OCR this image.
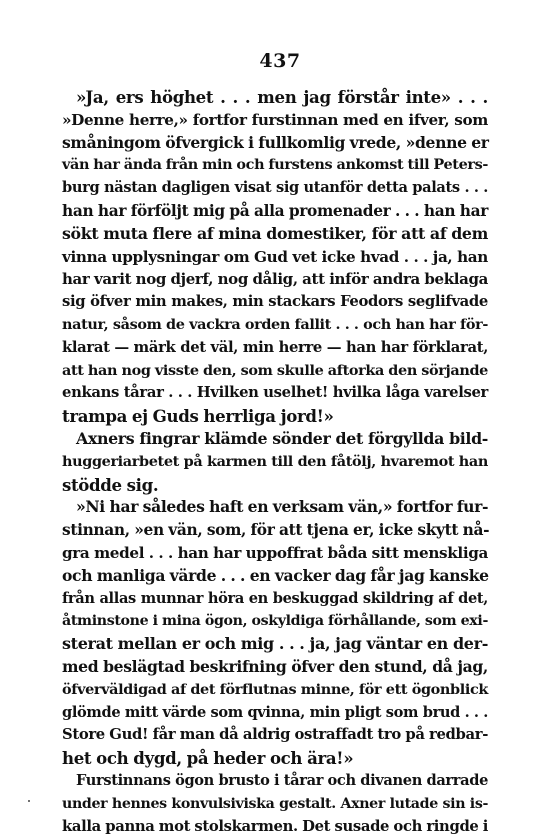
437
»Ja, ers höghet . . . men jag förstår inte» . . .
»Denne herre,» fortfor furstinnan med en ifver, som
småningom öfvergick i fullkomlig vrede, »denne er
vän har ända från min och furstens ankomst till Peters-
burg nästan dagligen visat sig utanför detta palats . . .
han har förföljt mig på alla promenader . . . han har
sökt muta flere af mina domestiker, för att af dem
vinna upplysningar om Gud vet icke hvad . . . ja, han
har varit nog djerf, nog dålig, att inför andra beklaga
sig öfver min makes, min stackars Feodors seglifvade
natur, såsom de vackra orden fallit . . . och han har för-
klarat — märk det väl, min herre — han har förklarat,
att han nog visste den, som skulle aftorka den sörjande
enkans tårar . . . Hvilken uselhet! hvilka låga varelser
trampa ej Guds herrliga jord!»
Axners fingrar klämde sönder det förgyllda bild-
huggeriarbetet på karmen till den fåtölj, hvaremot han
stödde sig.
»Ni har således haft en verksam vän,» fortfor fur-
stinnan, »en vän, som, för att tjena er, icke skytt nå-
gra medel . . . han har uppoffrat båda sitt menskliga
och manliga värde . . . en vacker dag får jag kanske
från allas munnar höra en beskuggad skildring af det,
åtminstone i mina ögon, oskyldiga förhållande, som exi-
sterat mellan er och mig . . . ja, jag väntar en der-
med beslägtad beskrifning öfver den stund, då jag,
öfverväldigad af det förflutnas minne, för ett ögonblick
glömde mitt värde som qvinna, min pligt som brud . . .
Store Gud! får man då aldrig ostraffadt tro på redbar-
het och dygd, på heder och ära!»
Furstinnans ögon brusto i tårar och divanen darrade
under hennes konvulsiviska gestalt. Axner lutade sin is-
kalla panna mot stolskarmen. Det susade och ringde i
